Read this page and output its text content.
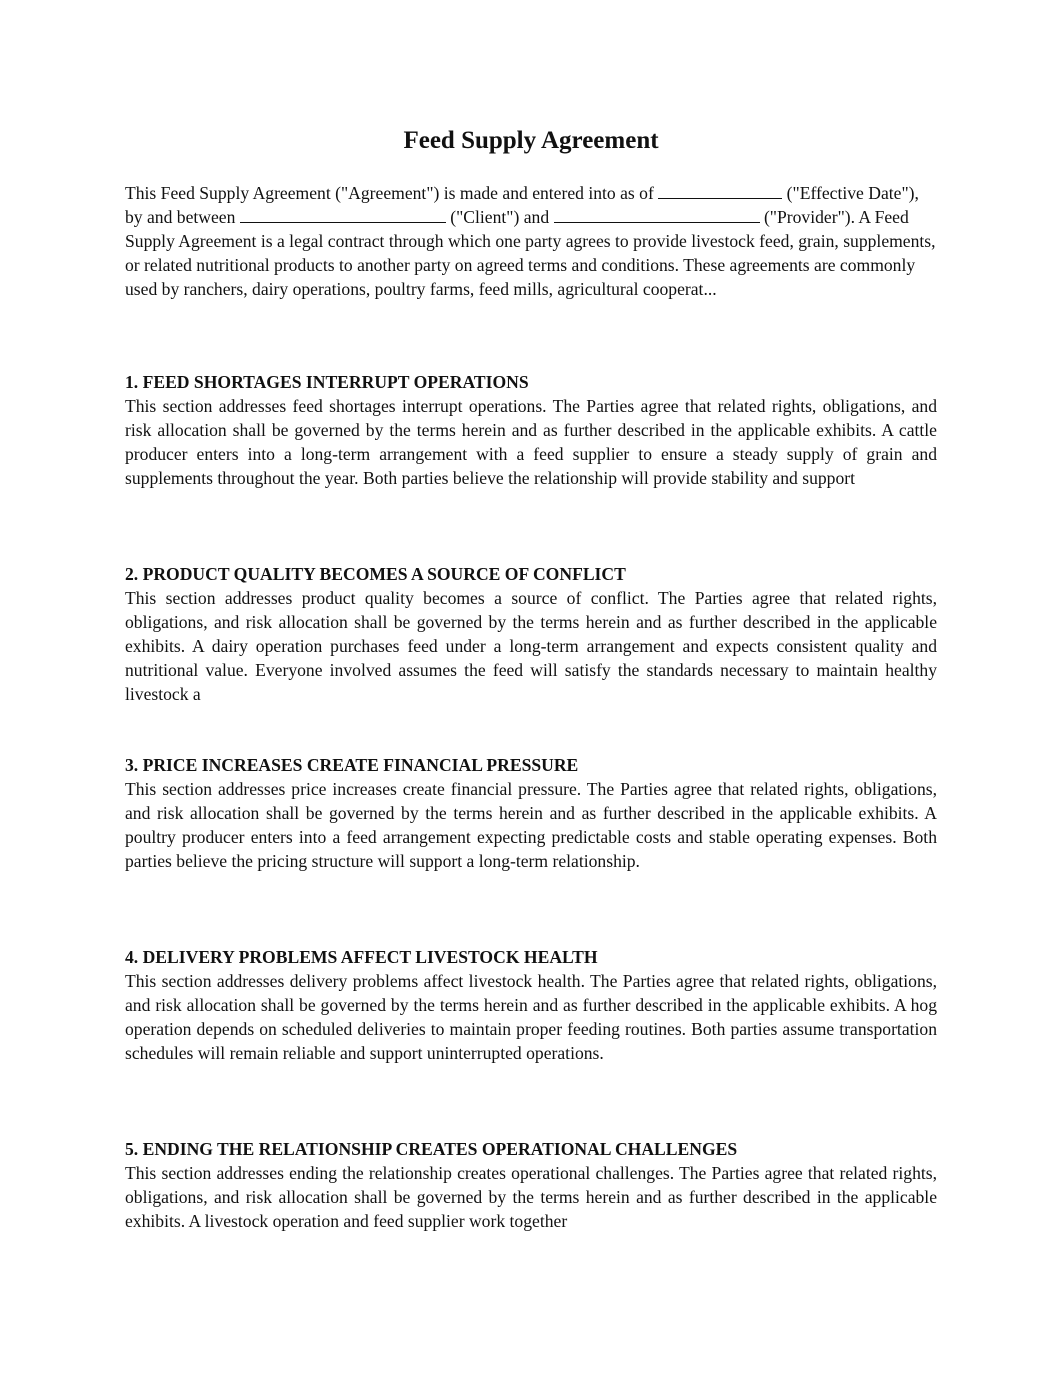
Feed Supply Agreement

This Feed Supply Agreement ("Agreement") is made and entered into as of	("Effective Date"), by and between	("Client") and	("Provider"). A Feed Supply Agreement is a legal contract through which one party agrees to provide livestock feed, grain, supplements, or related nutritional products to another party on agreed terms and conditions. These agreements are commonly used by ranchers, dairy operations, poultry farms, feed mills, agricultural cooperat...

1. FEED SHORTAGES INTERRUPT OPERATIONS

This section addresses feed shortages interrupt operations. The Parties agree that related rights, obligations, and risk allocation shall be governed by the terms herein and as further described in the applicable exhibits. A cattle producer enters into a long-term arrangement with a feed supplier to ensure a steady supply of grain and supplements throughout the year. Both parties believe the relationship will provide stability and support

2. PRODUCT QUALITY BECOMES A SOURCE OF CONFLICT

This section addresses product quality becomes a source of conflict. The Parties agree that related rights, obligations, and risk allocation shall be governed by the terms herein and as further described in the applicable exhibits. A dairy operation purchases feed under a long-term arrangement and expects consistent quality and nutritional value. Everyone involved assumes the feed will satisfy the standards necessary to maintain healthy livestock a

3. PRICE INCREASES CREATE FINANCIAL PRESSURE

This section addresses price increases create financial pressure. The Parties agree that related rights, obligations, and risk allocation shall be governed by the terms herein and as further described in the applicable exhibits. A poultry producer enters into a feed arrangement expecting predictable costs and stable operating expenses. Both parties believe the pricing structure will support a long-term relationship.

4. DELIVERY PROBLEMS AFFECT LIVESTOCK HEALTH

This section addresses delivery problems affect livestock health. The Parties agree that related rights, obligations, and risk allocation shall be governed by the terms herein and as further described in the applicable exhibits. A hog operation depends on scheduled deliveries to maintain proper feeding routines. Both parties assume transportation schedules will remain reliable and support uninterrupted operations.

5. ENDING THE RELATIONSHIP CREATES OPERATIONAL CHALLENGES

This section addresses ending the relationship creates operational challenges. The Parties agree that related rights, obligations, and risk allocation shall be governed by the terms herein and as further described in the applicable exhibits. A livestock operation and feed supplier work together
